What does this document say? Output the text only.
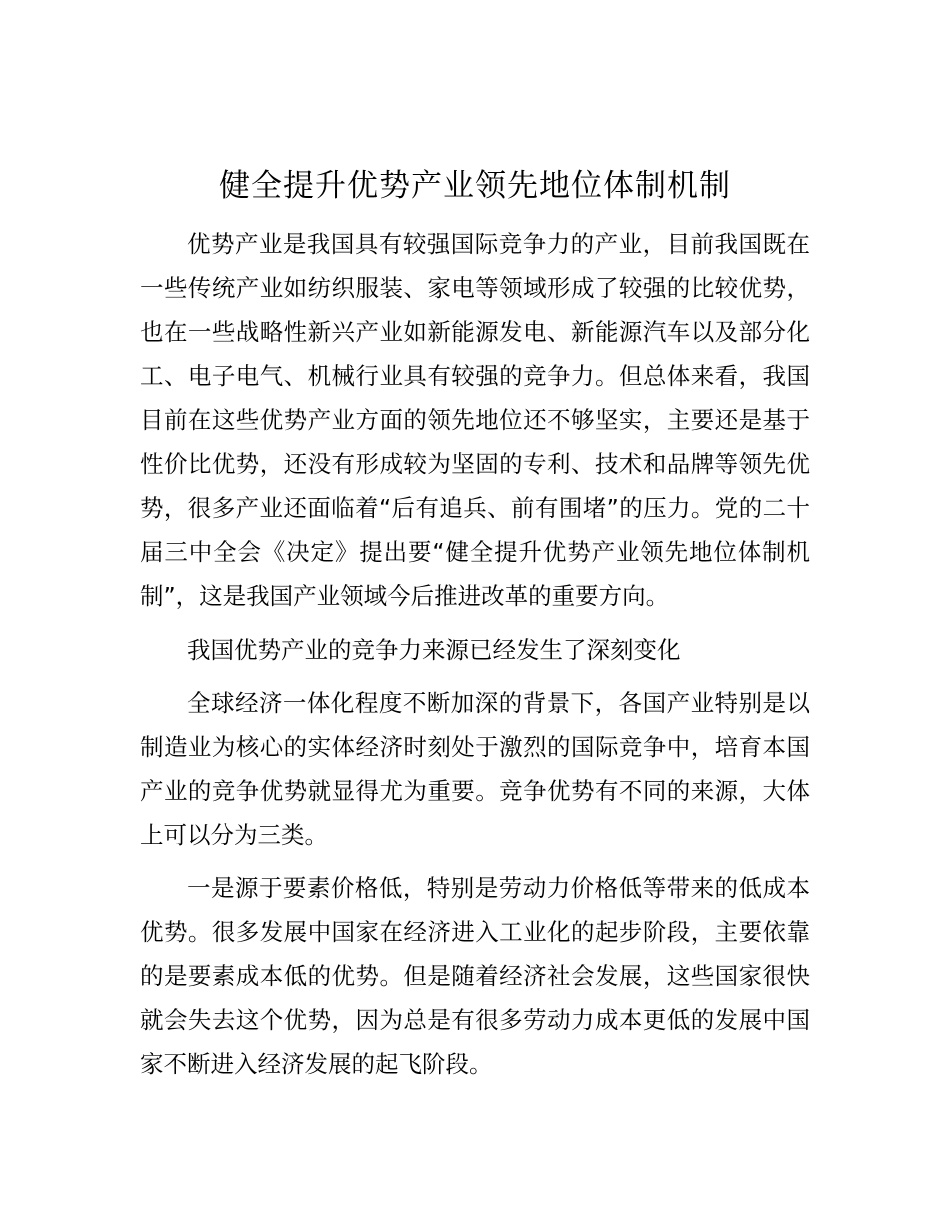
健全提升优势产业领先地位体制机制

优势产业是我国具有较强国际竞争力的产业，目前我国既在一些传统产业如纺织服装、家电等领域形成了较强的比较优势，也在一些战略性新兴产业如新能源发电、新能源汽车以及部分化工、电子电气、机械行业具有较强的竞争力。但总体来看，我国目前在这些优势产业方面的领先地位还不够坚实，主要还是基于性价比优势，还没有形成较为坚固的专利、技术和品牌等领先优势，很多产业还面临着“后有追兵、前有围堵”的压力。党的二十届三中全会《决定》提出要“健全提升优势产业领先地位体制机制”，这是我国产业领域今后推进改革的重要方向。

我国优势产业的竞争力来源已经发生了深刻变化

全球经济一体化程度不断加深的背景下，各国产业特别是以制造业为核心的实体经济时刻处于激烈的国际竞争中，培育本国产业的竞争优势就显得尤为重要。竞争优势有不同的来源，大体上可以分为三类。

一是源于要素价格低，特别是劳动力价格低等带来的低成本优势。很多发展中国家在经济进入工业化的起步阶段，主要依靠的是要素成本低的优势。但是随着经济社会发展，这些国家很快就会失去这个优势，因为总是有很多劳动力成本更低的发展中国家不断进入经济发展的起飞阶段。
